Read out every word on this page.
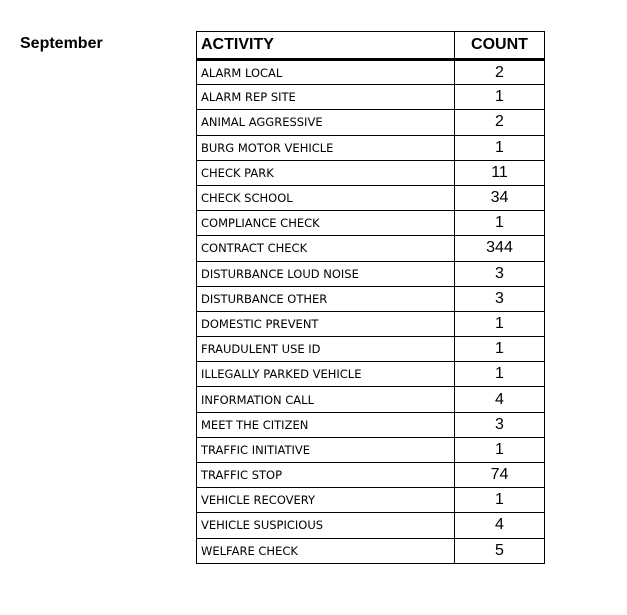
September	ACTIVITY	COUNT
ALARM LOCAL	2
ALARM REP SITE	1
ANIMAL AGGRESSIVE	2
BURG MOTOR VEHICLE	1
CHECK PARK	11
CHECK SCHOOL	34
COMPLIANCE CHECK	1
CONTRACT CHECK	344
DISTURBANCE LOUD NOISE	3
DISTURBANCE OTHER	3
DOMESTIC PREVENT	1
FRAUDULENT USE ID	1
ILLEGALLY PARKED VEHICLE	1
INFORMATION CALL	4
MEET THE CITIZEN	3
TRAFFIC INITIATIVE	1
TRAFFIC STOP	74
VEHICLE RECOVERY	1
VEHICLE SUSPICIOUS	4
WELFARE CHECK	5
